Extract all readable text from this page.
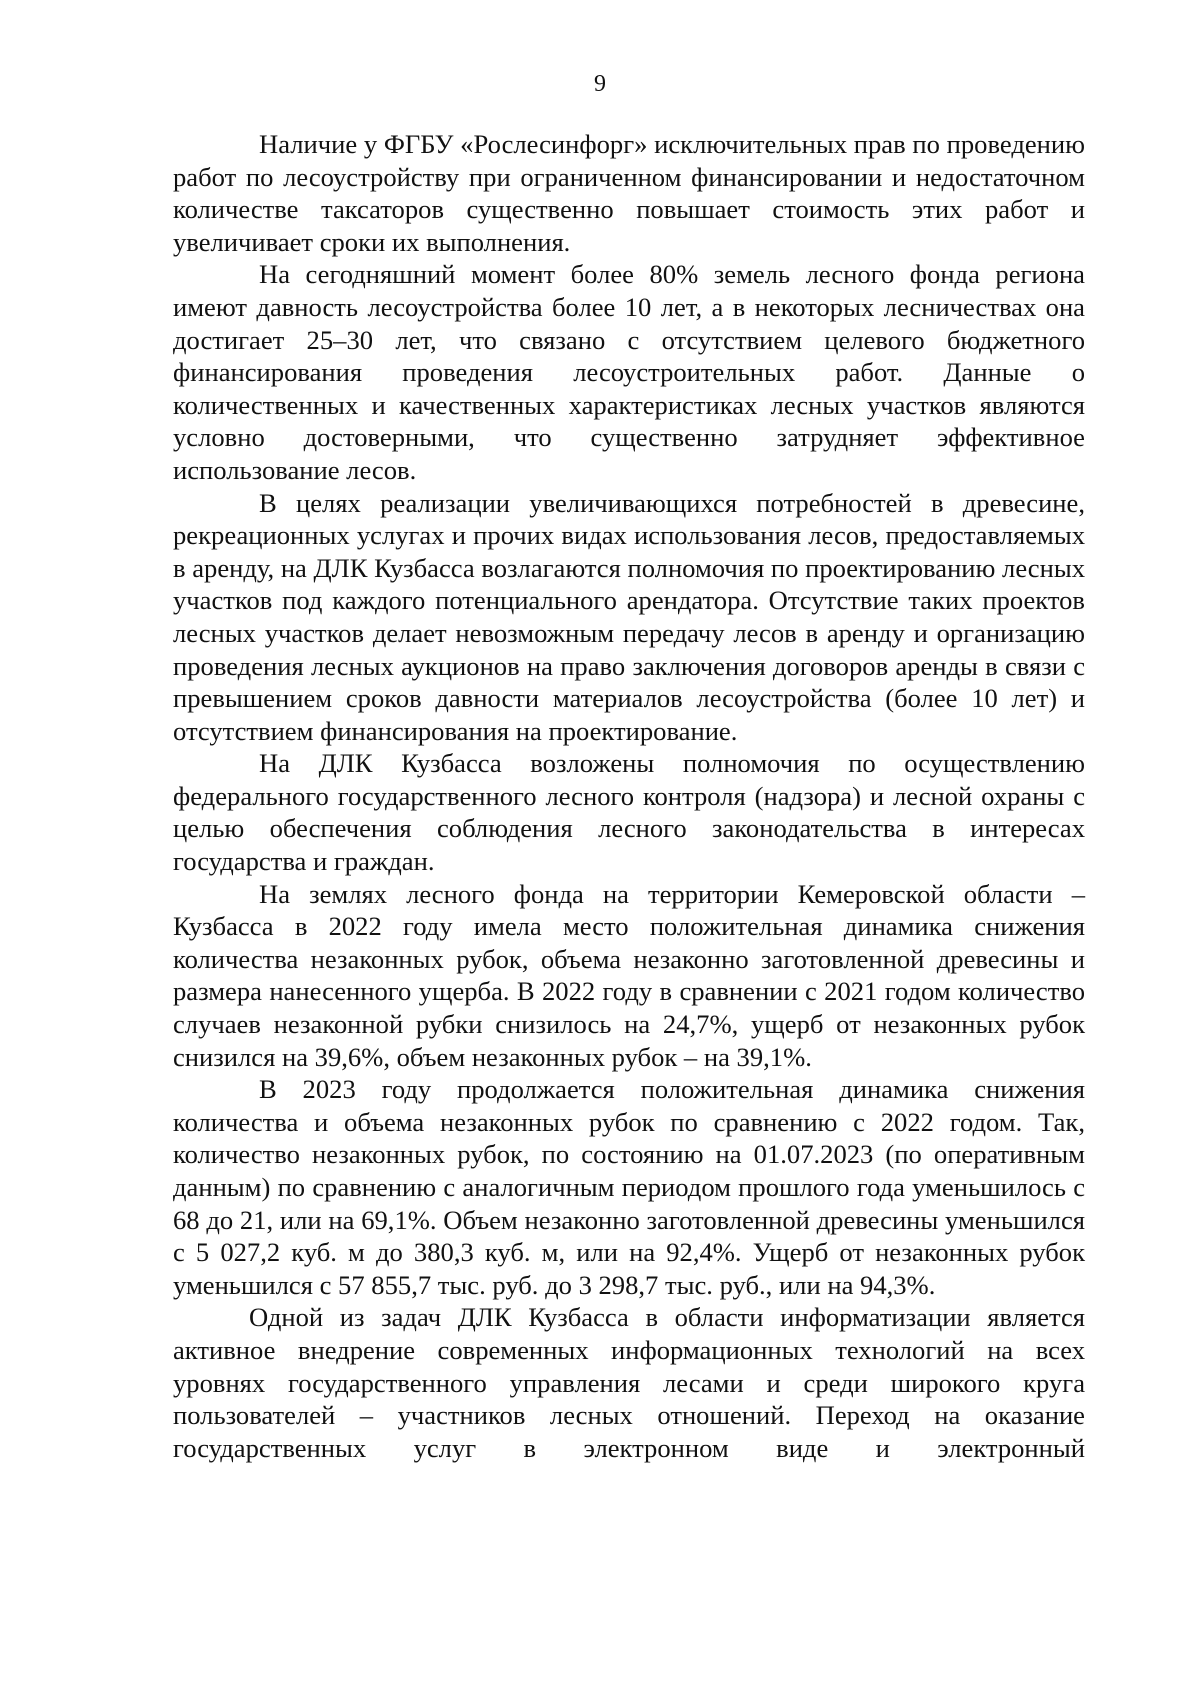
9

Наличие у ФГБУ «Рослесинфорг» исключительных прав по проведению работ по лесоустройству при ограниченном финансировании и недостаточном количестве таксаторов существенно повышает стоимость этих работ и увеличивает сроки их выполнения.

На сегодняшний момент более 80% земель лесного фонда региона имеют давность лесоустройства более 10 лет, а в некоторых лесничествах она достигает 25–30 лет, что связано с отсутствием целевого бюджетного финансирования проведения лесоустроительных работ. Данные о количественных и качественных характеристиках лесных участков являются условно достоверными, что существенно затрудняет эффективное использование лесов.

В целях реализации увеличивающихся потребностей в древесине, рекреационных услугах и прочих видах использования лесов, предоставляемых в аренду, на ДЛК Кузбасса возлагаются полномочия по проектированию лесных участков под каждого потенциального арендатора. Отсутствие таких проектов лесных участков делает невозможным передачу лесов в аренду и организацию проведения лесных аукционов на право заключения договоров аренды в связи с превышением сроков давности материалов лесоустройства (более 10 лет) и отсутствием финансирования на проектирование.

На ДЛК Кузбасса возложены полномочия по осуществлению федерального государственного лесного контроля (надзора) и лесной охраны с целью обеспечения соблюдения лесного законодательства в интересах государства и граждан.

На землях лесного фонда на территории Кемеровской области – Кузбасса в 2022 году имела место положительная динамика снижения количества незаконных рубок, объема незаконно заготовленной древесины и размера нанесенного ущерба. В 2022 году в сравнении с 2021 годом количество случаев незаконной рубки снизилось на 24,7%, ущерб от незаконных рубок снизился на 39,6%, объем незаконных рубок – на 39,1%.

В 2023 году продолжается положительная динамика снижения количества и объема незаконных рубок по сравнению с 2022 годом. Так, количество незаконных рубок, по состоянию на 01.07.2023 (по оперативным данным) по сравнению с аналогичным периодом прошлого года уменьшилось с 68 до 21, или на 69,1%. Объем незаконно заготовленной древесины уменьшился с 5 027,2 куб. м до 380,3 куб. м, или на 92,4%. Ущерб от незаконных рубок уменьшился с 57 855,7 тыс. руб. до 3 298,7 тыс. руб., или на 94,3%.

Одной из задач ДЛК Кузбасса в области информатизации является активное внедрение современных информационных технологий на всех уровнях государственного управления лесами и среди широкого круга пользователей – участников лесных отношений. Переход на оказание государственных услуг в электронном виде и электронный
